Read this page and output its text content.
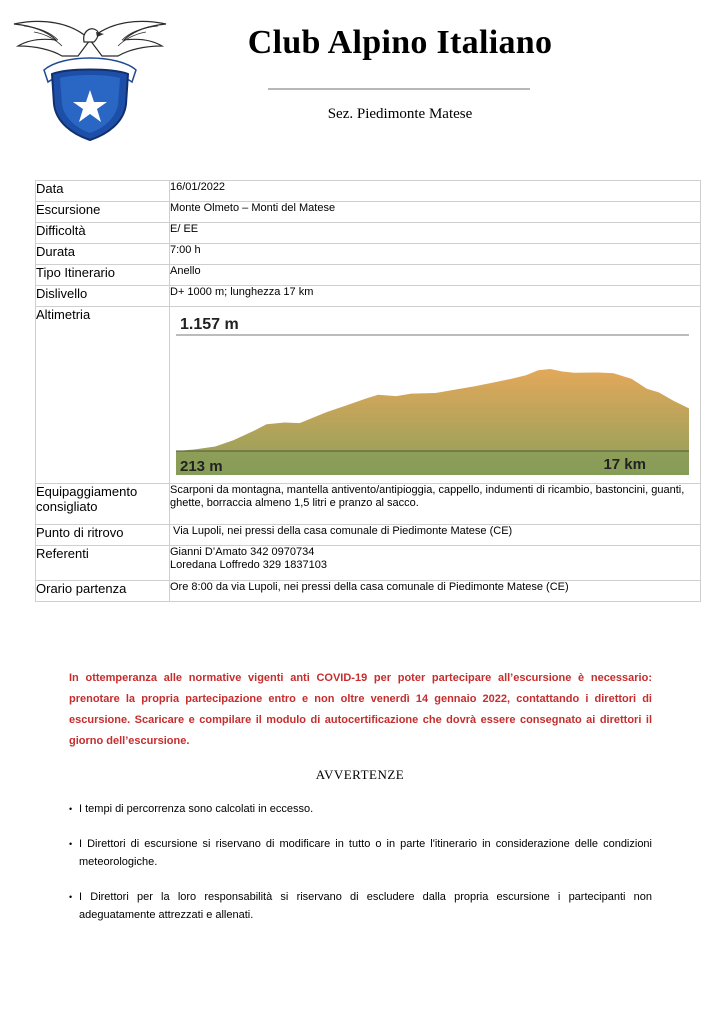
Club Alpino Italiano
Sez. Piedimonte Matese
Data	16/01/2022
Escursione	Monte Olmeto – Monti del Matese
Difficoltà	E/ EE
Durata	7:00 h
Tipo Itinerario	Anello
Dislivello	D+ 1000 m; lunghezza 17 km
Altimetria	1.157 m
213 m 17 km

Equipaggiamento consigliato	Scarponi da montagna, mantella antivento/antipioggia, cappello, indumenti di ricambio, bastoncini, guanti, ghette, borraccia almeno 1,5 litri e pranzo al sacco.
Punto di ritrovo	Via Lupoli, nei pressi della casa comunale di Piedimonte Matese (CE)
Referenti	Gianni D’Amato 342 0970734
Loredana Loffredo 329 1837103

Orario partenza	Ore 8:00 da via Lupoli, nei pressi della casa comunale di Piedimonte Matese (CE)
In ottemperanza alle normative vigenti anti COVID-19 per poter partecipare all’escursione è necessario: prenotare la propria partecipazione entro e non oltre venerdì 14 gennaio 2022, contattando i direttori di escursione. Scaricare e compilare il modulo di autocertificazione che dovrà essere consegnato ai direttori il giorno dell’escursione.
AVVERTENZE
• I tempi di percorrenza sono calcolati in eccesso.
• I Direttori di escursione si riservano di modificare in tutto o in parte l'itinerario in considerazione delle condizioni meteorologiche.
• I Direttori per la loro responsabilità si riservano di escludere dalla propria escursione i partecipanti non adeguatamente attrezzati e allenati.
